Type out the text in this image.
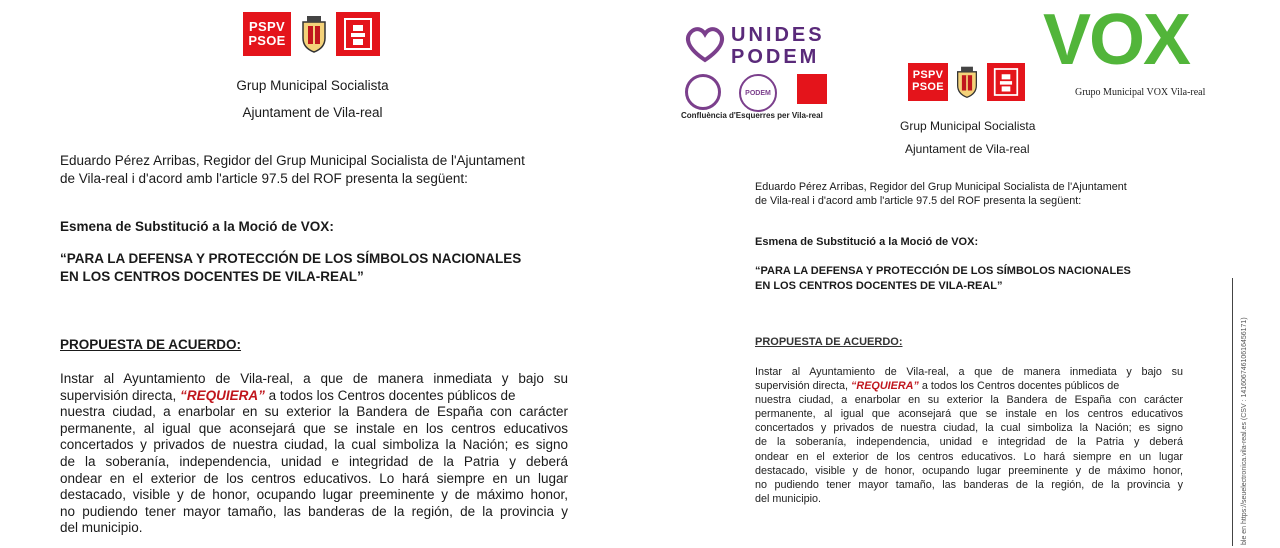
PSPV
PSOE
Grup Municipal Socialista
Ajuntament de Vila-real
Eduardo Pérez Arribas, Regidor del Grup Municipal Socialista de l'Ajuntament
de Vila-real i d'acord amb l'article 97.5 del ROF presenta la següent:
Esmena de Substitució a la Moció de VOX:
“PARA LA DEFENSA Y PROTECCIÓN DE LOS SÍMBOLOS NACIONALES
EN LOS CENTROS DOCENTES DE VILA-REAL”
PROPUESTA DE ACUERDO:
Instar al Ayuntamiento de Vila-real, a que de manera inmediata y bajo su
supervisión directa, “REQUIERA” a todos los Centros docentes públicos de
nuestra ciudad, a enarbolar en su exterior la Bandera de España con carácter
permanente, al igual que aconsejará que se instale en los centros educativos
concertados y privados de nuestra ciudad, la cual simboliza la Nación; es signo
de la soberanía, independencia, unidad e integridad de la Patria y deberá
ondear en el exterior de los centros educativos. Lo hará siempre en un lugar
destacado, visible y de honor, ocupando lugar preeminente y de máximo honor,
no pudiendo tener mayor tamaño, las banderas de la región, de la provincia y
del municipio.
UNIDES
PODEM
PODEM
Confluència d'Esquerres per Vila-real
VOX
Grupo Municipal VOX Vila-real
PSPV
PSOE
Grup Municipal Socialista
Ajuntament de Vila-real
Eduardo Pérez Arribas, Regidor del Grup Municipal Socialista de l'Ajuntament
de Vila-real i d'acord amb l'article 97.5 del ROF presenta la següent:
Esmena de Substitució a la Moció de VOX:
“PARA LA DEFENSA Y PROTECCIÓN DE LOS SÍMBOLOS NACIONALES
EN LOS CENTROS DOCENTES DE VILA-REAL”
PROPUESTA DE ACUERDO:
Instar al Ayuntamiento de Vila-real, a que de manera inmediata y bajo su
supervisión directa, “REQUIERA” a todos los Centros docentes públicos de
nuestra ciudad, a enarbolar en su exterior la Bandera de España con carácter
permanente, al igual que aconsejará que se instale en los centros educativos
concertados y privados de nuestra ciudad, la cual simboliza la Nación; es signo
de la soberanía, independencia, unidad e integridad de la Patria y deberá
ondear en el exterior de los centros educativos. Lo hará siempre en un lugar
destacado, visible y de honor, ocupando lugar preeminente y de máximo honor,
no pudiendo tener mayor tamaño, las banderas de la región, de la provincia y
del municipio.	ble en https://seuelectronica.vila-real.es (CSV : 14160674610616456171)
